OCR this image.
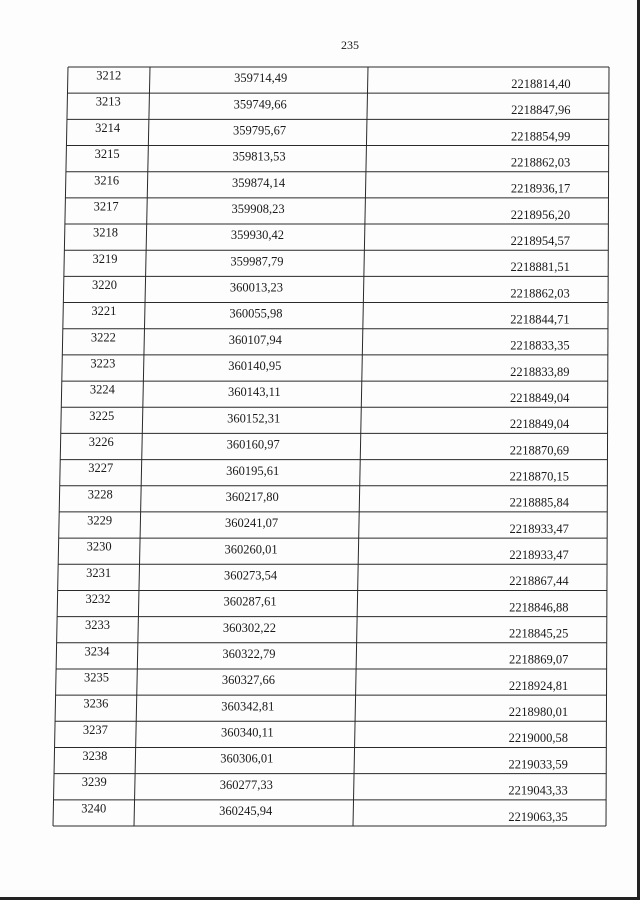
235
3212	359714,49	2218814,40
3213	359749,66	2218847,96
3214	359795,67	2218854,99
3215	359813,53	2218862,03
3216	359874,14	2218936,17
3217	359908,23	2218956,20
3218	359930,42	2218954,57
3219	359987,79	2218881,51
3220	360013,23	2218862,03
3221	360055,98	2218844,71
3222	360107,94	2218833,35
3223	360140,95	2218833,89
3224	360143,11	2218849,04
3225	360152,31	2218849,04
3226	360160,97	2218870,69
3227	360195,61	2218870,15
3228	360217,80	2218885,84
3229	360241,07	2218933,47
3230	360260,01	2218933,47
3231	360273,54	2218867,44
3232	360287,61	2218846,88
3233	360302,22	2218845,25
3234	360322,79	2218869,07
3235	360327,66	2218924,81
3236	360342,81	2218980,01
3237	360340,11	2219000,58
3238	360306,01	2219033,59
3239	360277,33	2219043,33
3240	360245,94	2219063,35
